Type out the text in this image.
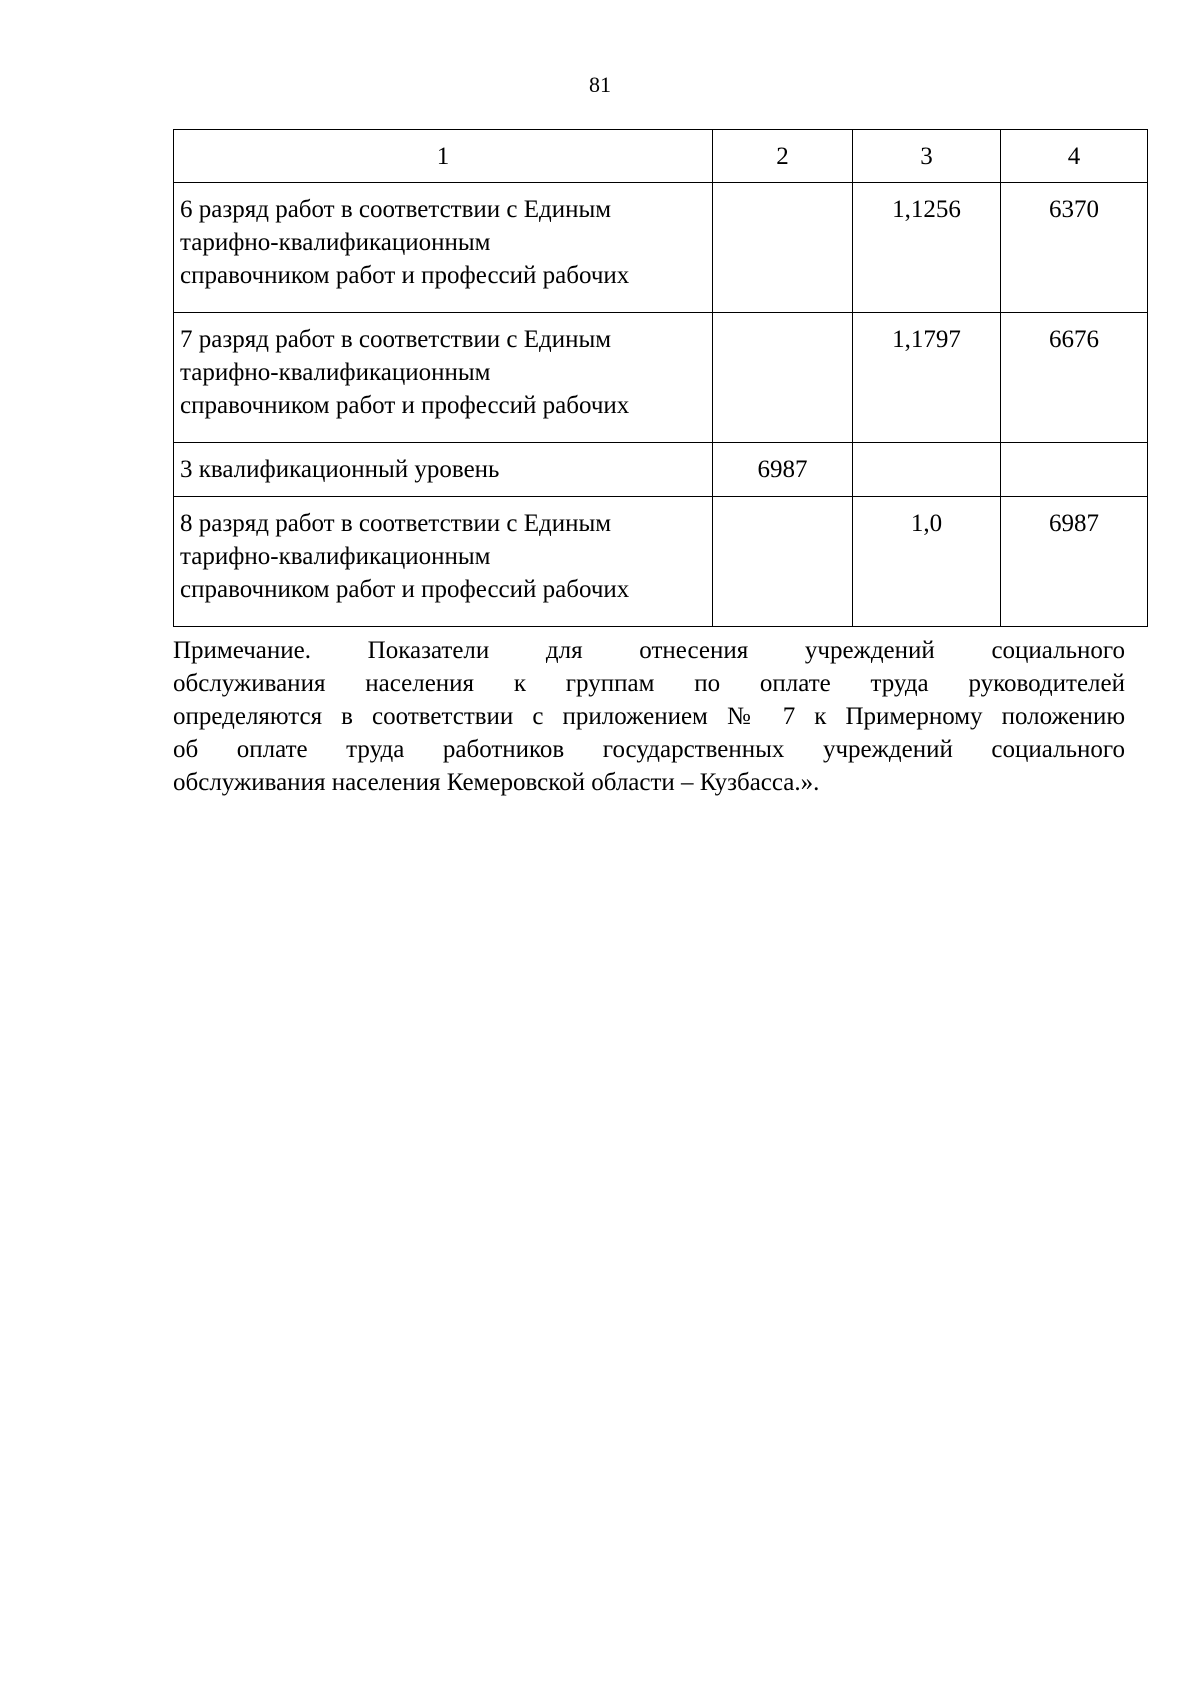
81
1	2	3	4

6 разряд работ в соответствии с Единым
тарифно-квалификационным
справочником работ и профессий рабочих		1,1256	6370

7 разряд работ в соответствии с Единым
тарифно-квалификационным
справочником работ и профессий рабочих		1,1797	6676

3 квалификационный уровень	6987		

8 разряд работ в соответствии с Единым
тарифно-квалификационным
справочником работ и профессий рабочих		1,0	6987
Примечание. Показатели для отнесения учреждений социального
обслуживания населения к группам по оплате труда руководителей
определяются в соответствии с приложением № 7 к Примерному положению
об оплате труда работников государственных учреждений социального
обслуживания населения Кемеровской области – Кузбасса.».
